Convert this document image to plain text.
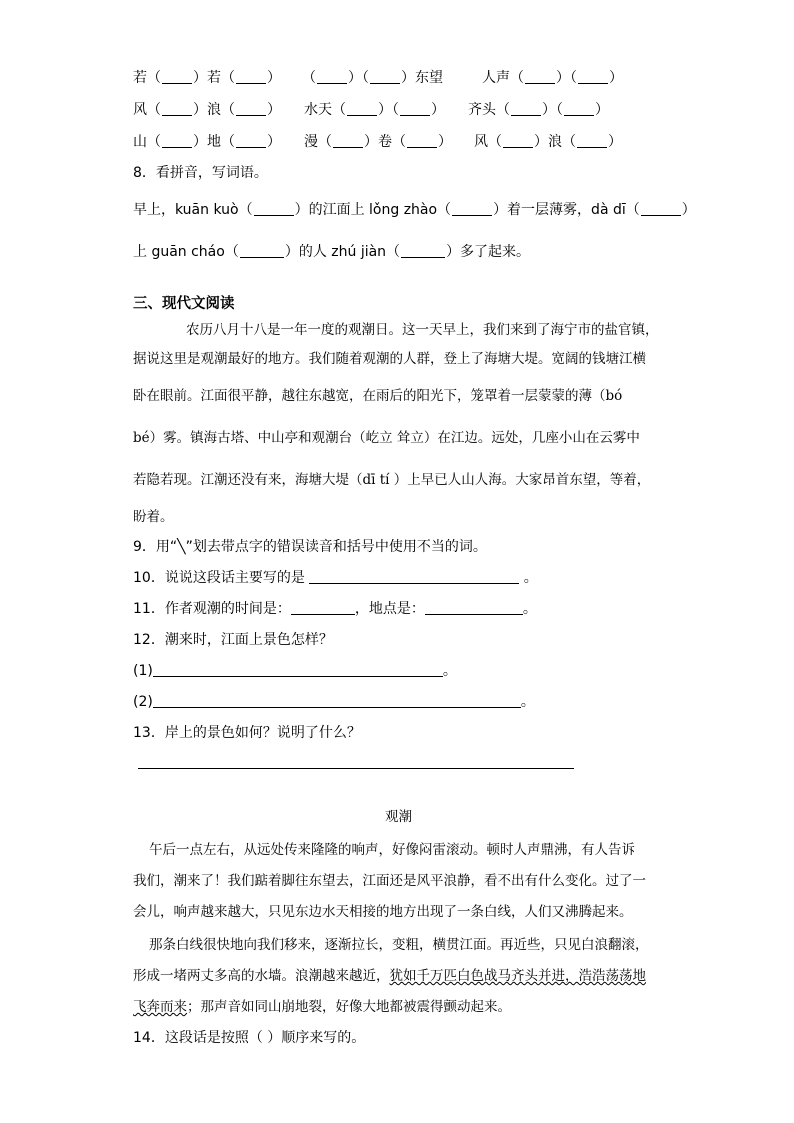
若（ ）若（ ） （ ）（ ）东望	人声（ ）（ ）
风（ ）浪（ ） 水天（ ）（ ） 齐头（ ）（ ）
山（ ）地（ ） 漫（ ）卷（ ） 风（ ）浪（ ）
8．看拼音，写词语。
早上，kuān kuò（	）的江面上 lǒng zhào（	）着一层薄雾，dà dī（	）
上 guān cháo（	）的人 zhú jiàn（	）多了起来。
三、现代文阅读
农历八月十八是一年一度的观潮日。这一天早上，我们来到了海宁市的盐官镇，
据说这里是观潮最好的地方。我们随着观潮的人群，登上了海塘大堤。宽阔的钱塘江横
卧在眼前。江面很平静，越往东越宽，在雨后的阳光下，笼罩着一层蒙蒙的薄（bó
bé）雾。镇海古塔、中山亭和观潮台（屹立 耸立）在江边。远处，几座小山在云雾中
若隐若现。江潮还没有来，海塘大堤（dī tí ）上早已人山人海。大家昂首东望，等着，
盼着。
9．用“╲”划去带点字的错误读音和括号中使用不当的词。
10．说说这段话主要写的是	。
11．作者观潮的时间是：	，地点是：	。
12．潮来时，江面上景色怎样？
(1)	。
(2)	。
13．岸上的景色如何？说明了什么？
观潮
午后一点左右，从远处传来隆隆的响声，好像闷雷滚动。顿时人声鼎沸，有人告诉
我们，潮来了！我们踮着脚往东望去，江面还是风平浪静，看不出有什么变化。过了一
会儿，响声越来越大，只见东边水天相接的地方出现了一条白线，人们又沸腾起来。
那条白线很快地向我们移来，逐渐拉长，变粗，横贯江面。再近些，只见白浪翻滚，
形成一堵两丈多高的水墙。浪潮越来越近，犹如千万匹白色战马齐头并进，浩浩荡荡地
飞奔而来；那声音如同山崩地裂，好像大地都被震得颤动起来。
14．这段话是按照（ ）顺序来写的。
